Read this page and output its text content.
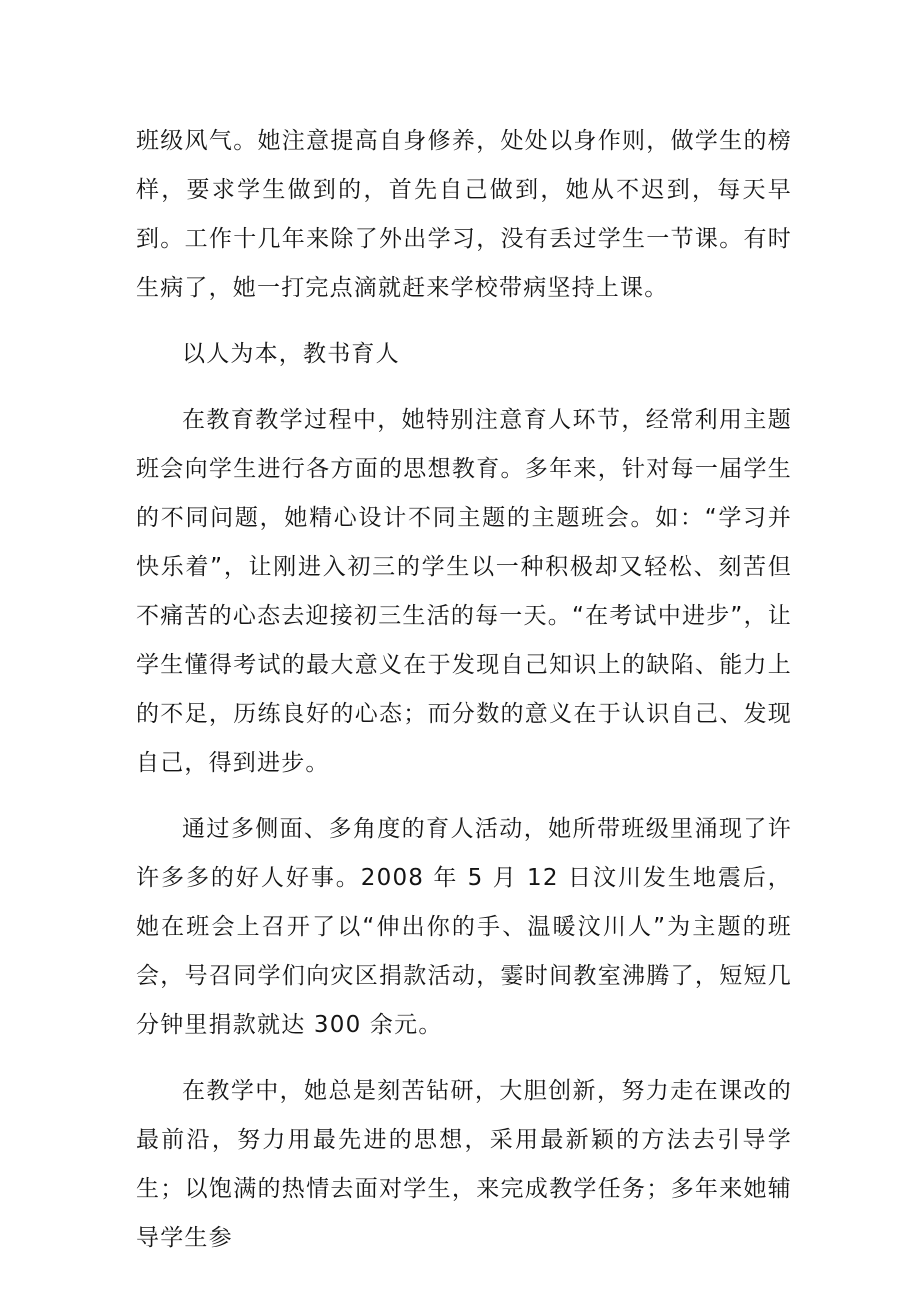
班级风气。她注意提高自身修养，处处以身作则，做学生的榜样，要求学生做到的，首先自己做到，她从不迟到，每天早到。工作十几年来除了外出学习，没有丢过学生一节课。有时生病了，她一打完点滴就赶来学校带病坚持上课。

以人为本，教书育人

在教育教学过程中，她特别注意育人环节，经常利用主题班会向学生进行各方面的思想教育。多年来，针对每一届学生的不同问题，她精心设计不同主题的主题班会。如：“学习并快乐着”，让刚进入初三的学生以一种积极却又轻松、刻苦但不痛苦的心态去迎接初三生活的每一天。“在考试中进步”，让学生懂得考试的最大意义在于发现自己知识上的缺陷、能力上的不足，历练良好的心态；而分数的意义在于认识自己、发现自己，得到进步。

通过多侧面、多角度的育人活动，她所带班级里涌现了许许多多的好人好事。2008 年 5 月 12 日汶川发生地震后，她在班会上召开了以“伸出你的手、温暖汶川人”为主题的班会，号召同学们向灾区捐款活动，霎时间教室沸腾了，短短几分钟里捐款就达 300 余元。

在教学中，她总是刻苦钻研，大胆创新，努力走在课改的最前沿，努力用最先进的思想，采用最新颖的方法去引导学生；以饱满的热情去面对学生，来完成教学任务；多年来她辅导学生参
